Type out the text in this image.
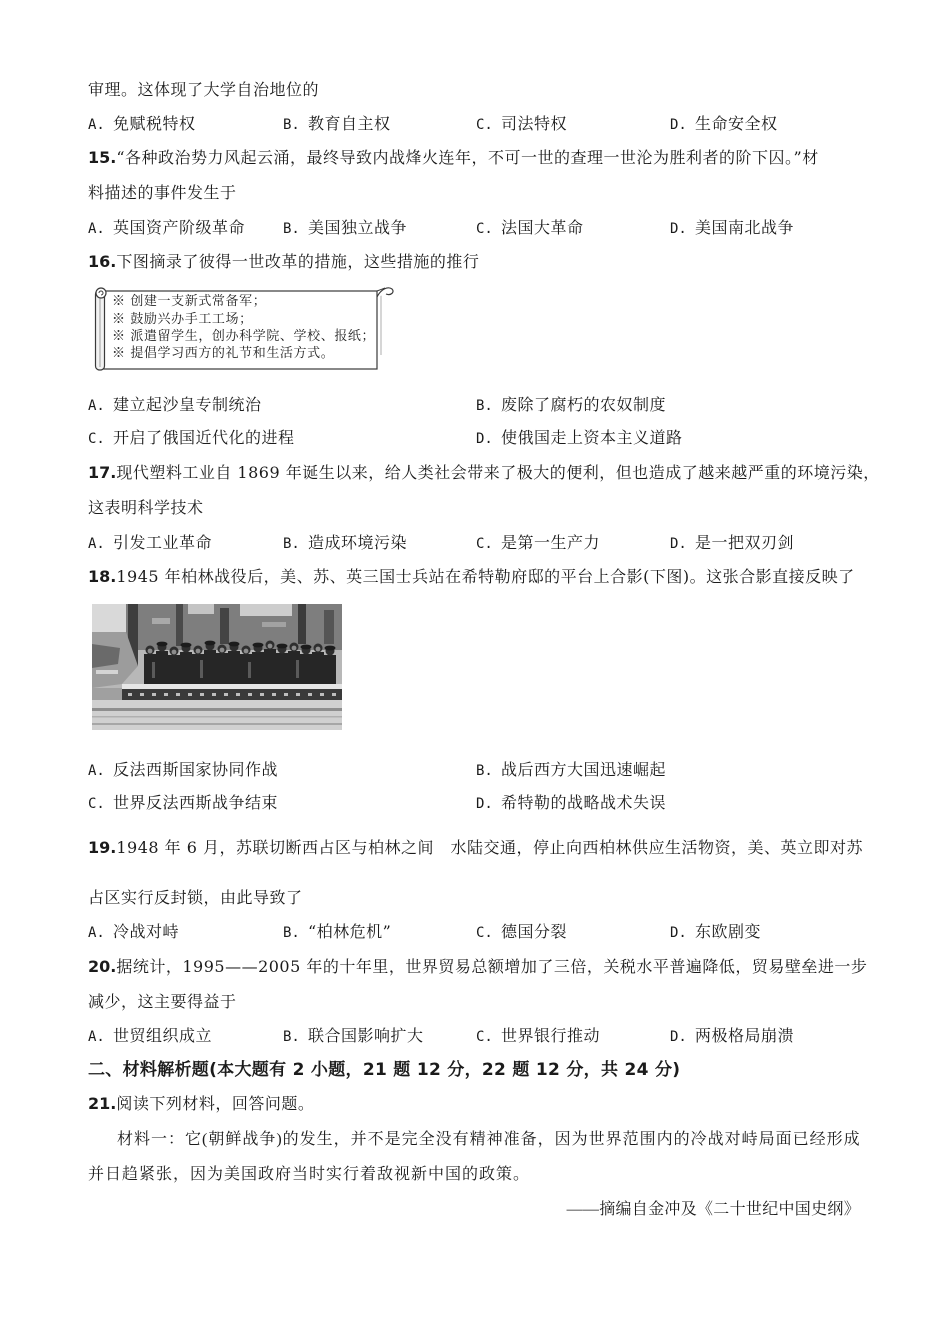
审理。这体现了大学自治地位的
A. 免赋税特权	B. 教育自主权	C. 司法特权	D. 生命安全权
15.“各种政治势力风起云涌，最终导致内战烽火连年，不可一世的查理一世沦为胜利者的阶下囚。”材
料描述的事件发生于
A. 英国资产阶级革命	B. 美国独立战争	C. 法国大革命	D. 美国南北战争
16.下图摘录了彼得一世改革的措施，这些措施的推行
※ 创建一支新式常备军；
※ 鼓励兴办手工工场；
※ 派遣留学生，创办科学院、学校、报纸；
※ 提倡学习西方的礼节和生活方式。
A. 建立起沙皇专制统治	B. 废除了腐朽的农奴制度
C. 开启了俄国近代化的进程	D. 使俄国走上资本主义道路
17.现代塑料工业自 1869 年诞生以来，给人类社会带来了极大的便利，但也造成了越来越严重的环境污染，
这表明科学技术
A. 引发工业革命	B. 造成环境污染	C. 是第一生产力	D. 是一把双刃剑
18.1945 年柏林战役后，美、苏、英三国士兵站在希特勒府邸的平台上合影(下图)。这张合影直接反映了
A. 反法西斯国家协同作战	B. 战后西方大国迅速崛起
C. 世界反法西斯战争结束	D. 希特勒的战略战术失误
19.1948 年 6 月，苏联切断西占区与柏林之间　水陆交通，停止向西柏林供应生活物资，美、英立即对苏
占区实行反封锁，由此导致了
A. 冷战对峙	B. “柏林危机”	C. 德国分裂	D. 东欧剧变
20.据统计，1995——2005 年的十年里，世界贸易总额增加了三倍，关税水平普遍降低，贸易壁垒进一步
减少，这主要得益于
A. 世贸组织成立	B. 联合国影响扩大	C. 世界银行推动	D. 两极格局崩溃
二、材料解析题(本大题有 2 小题，21 题 12 分，22 题 12 分，共 24 分)
21.阅读下列材料，回答问题。
材料一：它(朝鲜战争)的发生，并不是完全没有精神准备，因为世界范围内的冷战对峙局面已经形成
并日趋紧张，因为美国政府当时实行着敌视新中国的政策。
——摘编自金冲及《二十世纪中国史纲》
